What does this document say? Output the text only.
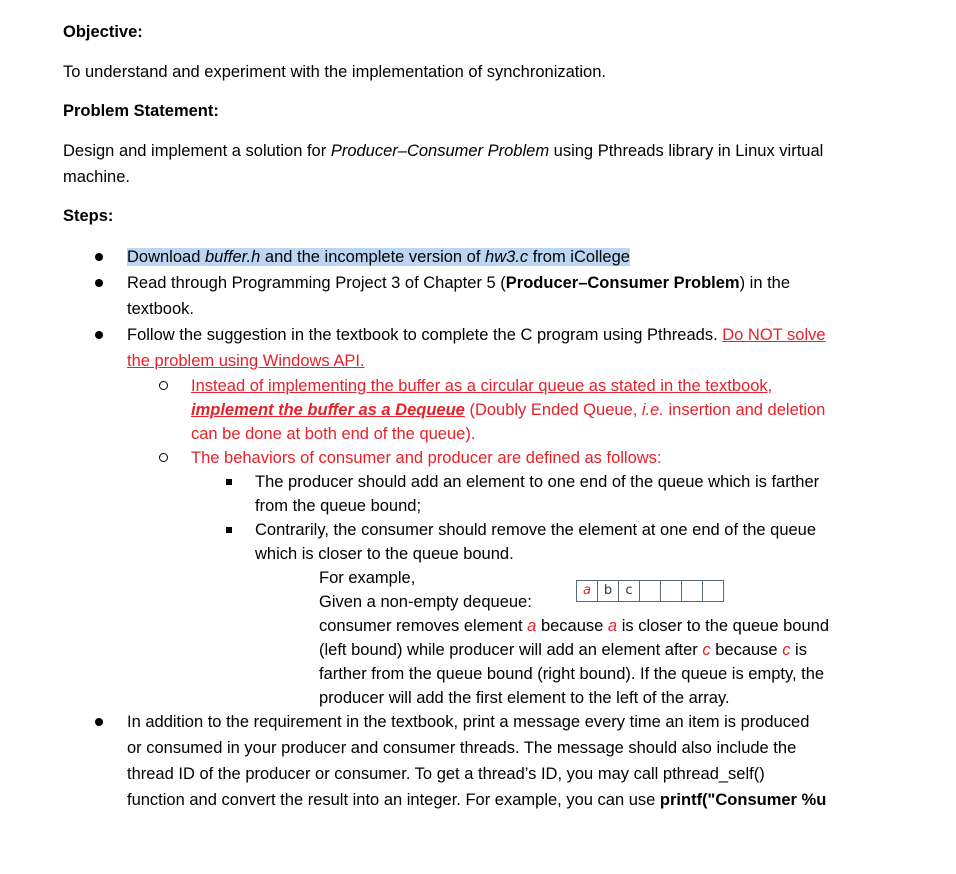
Objective:
To understand and experiment with the implementation of synchronization.
Problem Statement:
Design and implement a solution for Producer–Consumer Problem using Pthreads library in Linux virtual
machine.
Steps:
Download buffer.h and the incomplete version of hw3.c from iCollege
Read through Programming Project 3 of Chapter 5 (Producer–Consumer Problem) in the
textbook.
Follow the suggestion in the textbook to complete the C program using Pthreads. Do NOT solve
the problem using Windows API.
Instead of implementing the buffer as a circular queue as stated in the textbook,
implement the buffer as a Dequeue (Doubly Ended Queue, i.e. insertion and deletion
can be done at both end of the queue).
The behaviors of consumer and producer are defined as follows:
The producer should add an element to one end of the queue which is farther
from the queue bound;
Contrarily, the consumer should remove the element at one end of the queue
which is closer to the queue bound.
For example,
Given a non-empty dequeue:
a b	c
consumer removes element a because a is closer to the queue bound
(left bound) while producer will add an element after c because c is
farther from the queue bound (right bound). If the queue is empty, the
producer will add the first element to the left of the array.
In addition to the requirement in the textbook, print a message every time an item is produced
or consumed in your producer and consumer threads. The message should also include the
thread ID of the producer or consumer. To get a thread’s ID, you may call pthread_self()
function and convert the result into an integer. For example, you can use printf("Consumer %u
